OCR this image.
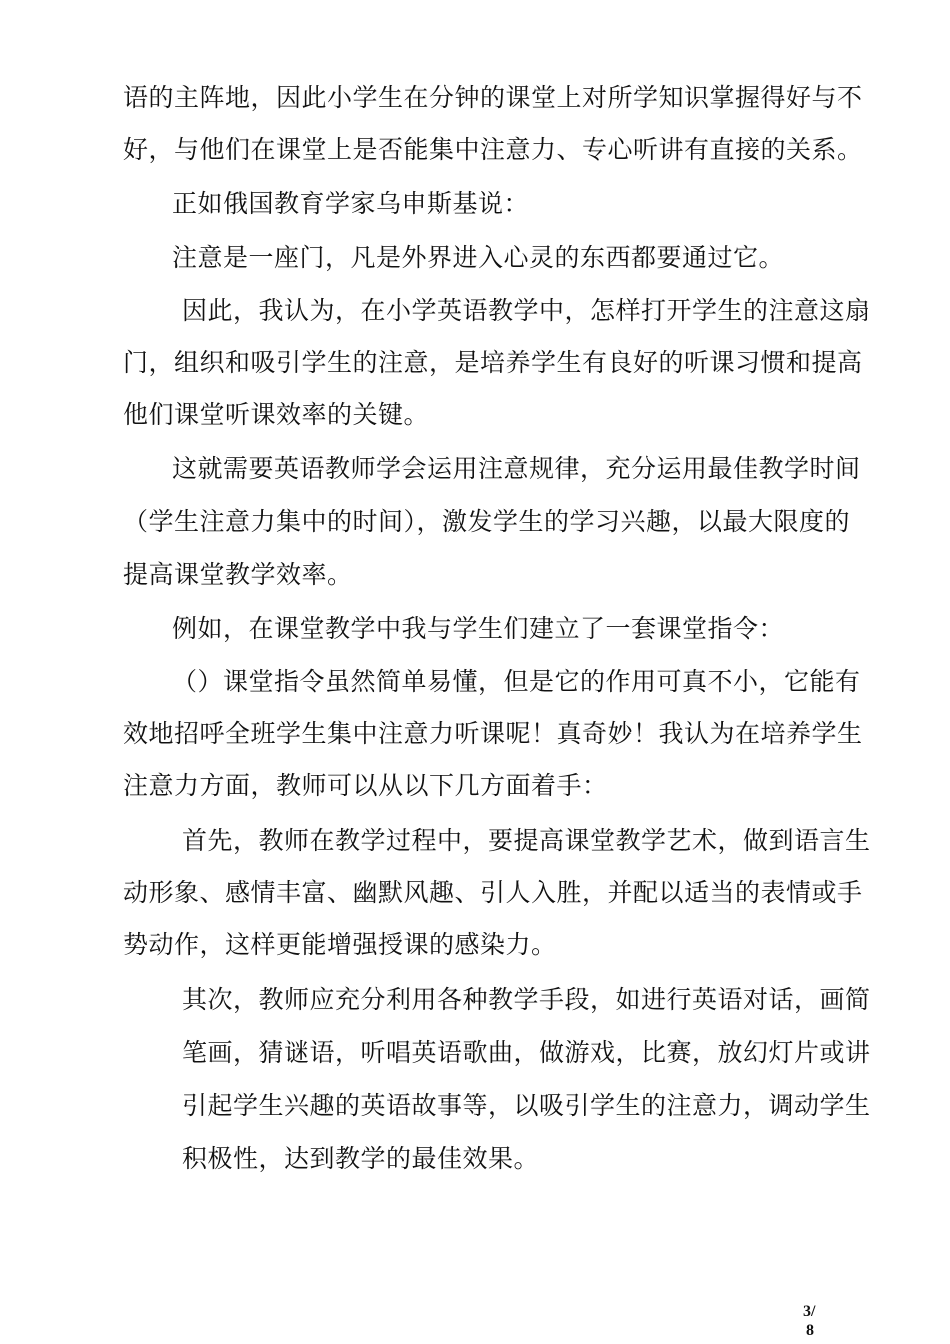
语的主阵地，因此小学生在分钟的课堂上对所学知识掌握得好与不
好，与他们在课堂上是否能集中注意力、专心听讲有直接的关系。
正如俄国教育学家乌申斯基说：
注意是一座门，凡是外界进入心灵的东西都要通过它。
因此，我认为，在小学英语教学中，怎样打开学生的注意这扇
门，组织和吸引学生的注意，是培养学生有良好的听课习惯和提高
他们课堂听课效率的关键。
这就需要英语教师学会运用注意规律，充分运用最佳教学时间
（学生注意力集中的时间），激发学生的学习兴趣，以最大限度的
提高课堂教学效率。
例如，在课堂教学中我与学生们建立了一套课堂指令：
（）课堂指令虽然简单易懂，但是它的作用可真不小，它能有
效地招呼全班学生集中注意力听课呢！真奇妙！我认为在培养学生
注意力方面，教师可以从以下几方面着手：
首先，教师在教学过程中，要提高课堂教学艺术，做到语言生
动形象、感情丰富、幽默风趣、引人入胜，并配以适当的表情或手
势动作，这样更能增强授课的感染力。
其次，教师应充分利用各种教学手段，如进行英语对话，画简
笔画，猜谜语，听唱英语歌曲，做游戏，比赛，放幻灯片或讲
引起学生兴趣的英语故事等，以吸引学生的注意力，调动学生
积极性，达到教学的最佳效果。
3/
8
